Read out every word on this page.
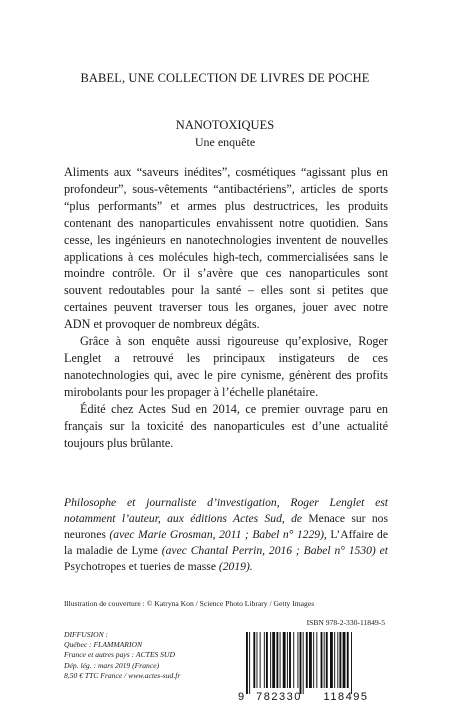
BABEL, UNE COLLECTION DE LIVRES DE POCHE
NANOTOXIQUES
Une enquête

Aliments aux “saveurs inédites”, cosmétiques “agissant plus en profondeur”, sous-vêtements “antibactériens”, articles de sports “plus performants” et armes plus destructrices, les produits contenant des nanoparticules envahissent notre quotidien. Sans cesse, les ingénieurs en nanotechnologies inventent de nouvelles applications à ces molécules high-tech, commercialisées sans le moindre contrôle. Or il s’avère que ces nanoparticules sont souvent redoutables pour la santé – elles sont si petites que certaines peuvent traverser tous les organes, jouer avec notre ADN et provoquer de nombreux dégâts.

Grâce à son enquête aussi rigoureuse qu’explosive, Roger Lenglet a retrouvé les principaux instigateurs de ces nanotechnologies qui, avec le pire cynisme, génèrent des profits mirobolants pour les propager à l’échelle planétaire.

Édité chez Actes Sud en 2014, ce premier ouvrage paru en français sur la toxicité des nanoparticules est d’une actualité toujours plus brûlante.

Philosophe et journaliste d’investigation, Roger Lenglet est notamment l’auteur, aux éditions Actes Sud, de Menace sur nos neurones (avec Marie Grosman, 2011 ; Babel n° 1229), L’Affaire de la maladie de Lyme (avec Chantal Perrin, 2016 ; Babel n° 1530) et Psychotropes et tueries de masse (2019).

Illustration de couverture : © Katryna Kon / Science Photo Library / Getty Images
ISBN 978-2-330-11849-5
DIFFUSION :
Québec : FLAMMARION
France et autres pays : ACTES SUD
Dép. lég. : mars 2019 (France)
8,50 € TTC France / www.actes-sud.fr
9 782330 118495
